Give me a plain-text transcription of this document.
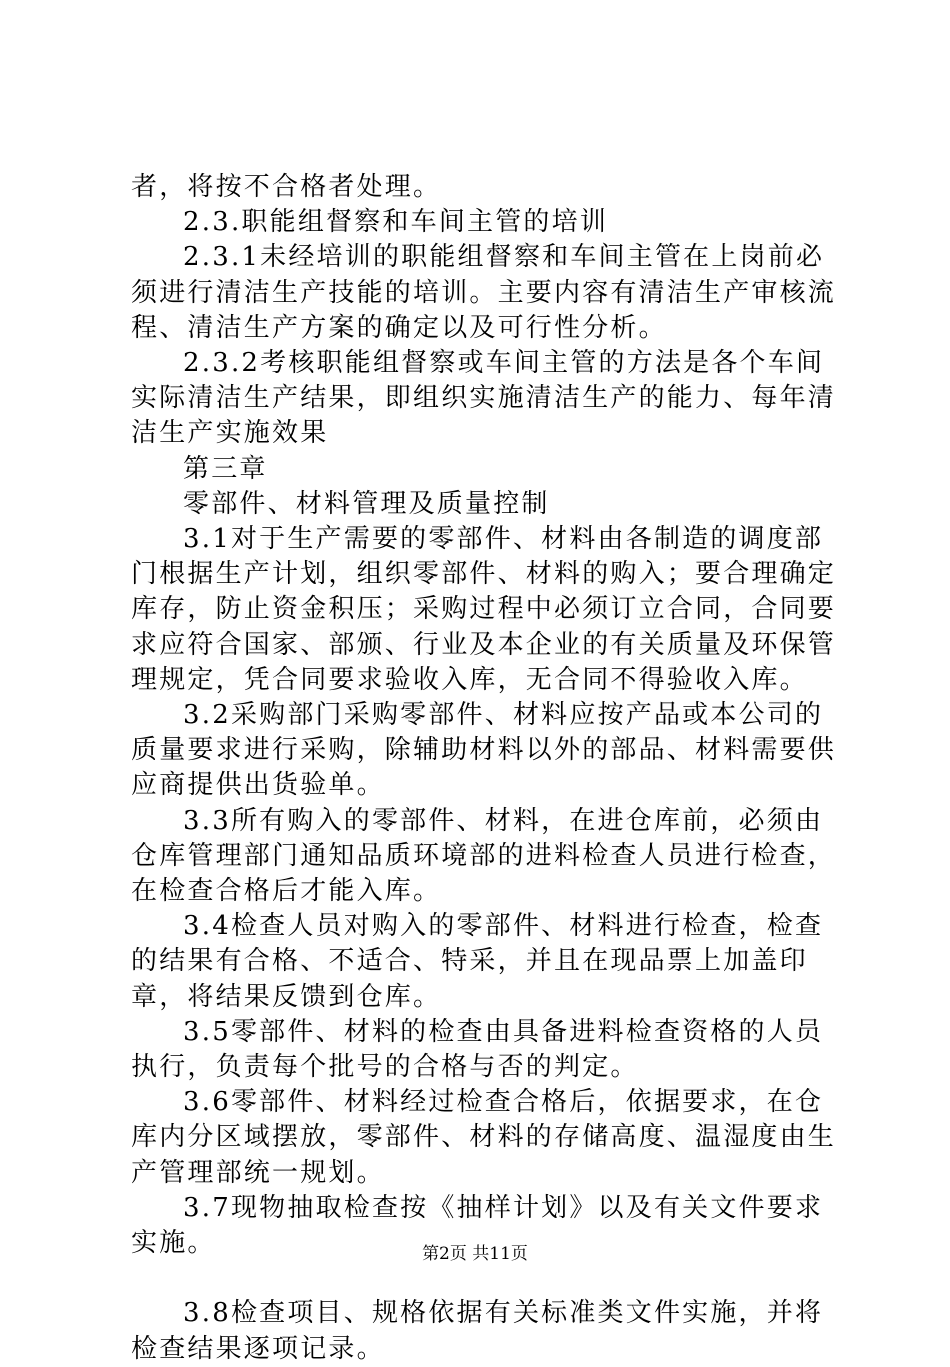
者，将按不合格者处理。

2.3.职能组督察和车间主管的培训

2.3.1未经培训的职能组督察和车间主管在上岗前必须进行清洁生产技能的培训。主要内容有清洁生产审核流程、清洁生产方案的确定以及可行性分析。

2.3.2考核职能组督察或车间主管的方法是各个车间实际清洁生产结果，即组织实施清洁生产的能力、每年清洁生产实施效果

第三章

零部件、材料管理及质量控制

3.1对于生产需要的零部件、材料由各制造的调度部门根据生产计划，组织零部件、材料的购入；要合理确定库存，防止资金积压；采购过程中必须订立合同，合同要求应符合国家、部颁、行业及本企业的有关质量及环保管理规定，凭合同要求验收入库，无合同不得验收入库。

3.2采购部门采购零部件、材料应按产品或本公司的质量要求进行采购，除辅助材料以外的部品、材料需要供应商提供出货验单。

3.3所有购入的零部件、材料，在进仓库前，必须由仓库管理部门通知品质环境部的进料检查人员进行检查，在检查合格后才能入库。

3.4检查人员对购入的零部件、材料进行检查，检查的结果有合格、不适合、特采，并且在现品票上加盖印章，将结果反馈到仓库。

3.5零部件、材料的检查由具备进料检查资格的人员执行，负责每个批号的合格与否的判定。

3.6零部件、材料经过检查合格后，依据要求，在仓库内分区域摆放，零部件、材料的存储高度、温湿度由生产管理部统一规划。

3.7现物抽取检查按《抽样计划》以及有关文件要求实施。

3.8检查项目、规格依据有关标准类文件实施，并将检查结果逐项记录。

第2页 共11页
